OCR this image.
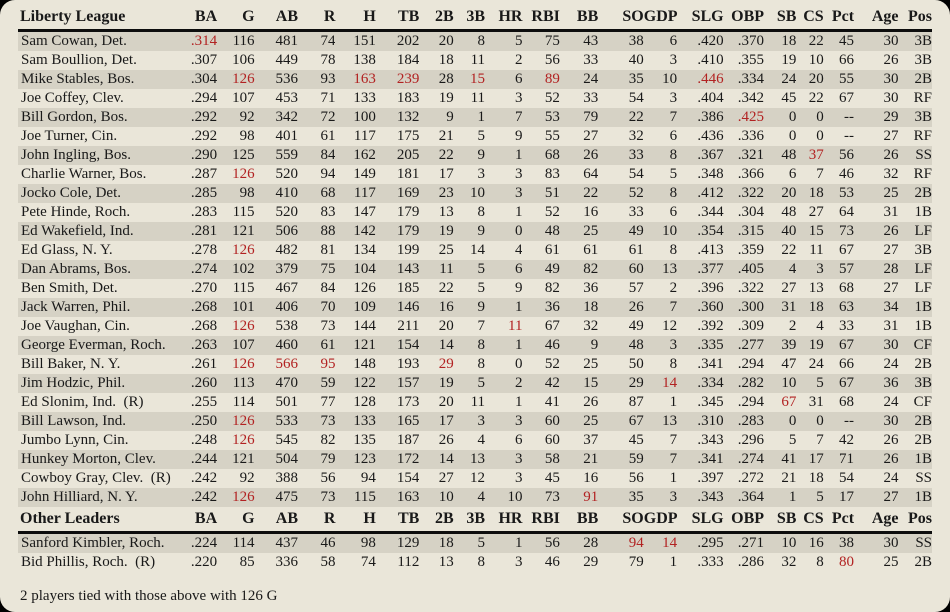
Liberty League	BA	G	AB	R	H	TB	2B	3B	HR	RBI	BB	SO	GDP	SLG	OBP	SB	CS	Pct	Age	Pos
Sam Cowan, Det.	.314	116	481	74	151	202	20	8	5	75	43	38	6	.420	.370	18	22	45	30	3B
Sam Boullion, Det.	.307	106	449	78	138	184	18	11	2	56	33	40	3	.410	.355	19	10	66	26	3B
Mike Stables, Bos.	.304	126	536	93	163	239	28	15	6	89	24	35	10	.446	.334	24	20	55	30	2B
Joe Coffey, Clev.	.294	107	453	71	133	183	19	11	3	52	33	54	3	.404	.342	45	22	67	30	RF
Bill Gordon, Bos.	.292	92	342	72	100	132	9	1	7	53	79	22	7	.386	.425	0	0	--	29	3B
Joe Turner, Cin.	.292	98	401	61	117	175	21	5	9	55	27	32	6	.436	.336	0	0	--	27	RF
John Ingling, Bos.	.290	125	559	84	162	205	22	9	1	68	26	33	8	.367	.321	48	37	56	26	SS
Charlie Warner, Bos.	.287	126	520	94	149	181	17	3	3	83	64	54	5	.348	.366	6	7	46	32	RF
Jocko Cole, Det.	.285	98	410	68	117	169	23	10	3	51	22	52	8	.412	.322	20	18	53	25	2B
Pete Hinde, Roch.	.283	115	520	83	147	179	13	8	1	52	16	33	6	.344	.304	48	27	64	31	1B
Ed Wakefield, Ind.	.281	121	506	88	142	179	19	9	0	48	25	49	10	.354	.315	40	15	73	26	LF
Ed Glass, N. Y.	.278	126	482	81	134	199	25	14	4	61	61	61	8	.413	.359	22	11	67	27	3B
Dan Abrams, Bos.	.274	102	379	75	104	143	11	5	6	49	82	60	13	.377	.405	4	3	57	28	LF
Ben Smith, Det.	.270	115	467	84	126	185	22	5	9	82	36	57	2	.396	.322	27	13	68	27	LF
Jack Warren, Phil.	.268	101	406	70	109	146	16	9	1	36	18	26	7	.360	.300	31	18	63	34	1B
Joe Vaughan, Cin.	.268	126	538	73	144	211	20	7	11	67	32	49	12	.392	.309	2	4	33	31	1B
George Everman, Roch.	.263	107	460	61	121	154	14	8	1	46	9	48	3	.335	.277	39	19	67	30	CF
Bill Baker, N. Y.	.261	126	566	95	148	193	29	8	0	52	25	50	8	.341	.294	47	24	66	24	2B
Jim Hodzic, Phil.	.260	113	470	59	122	157	19	5	2	42	15	29	14	.334	.282	10	5	67	36	3B
Ed Slonim, Ind.  (R)	.255	114	501	77	128	173	20	11	1	41	26	87	1	.345	.294	67	31	68	24	CF
Bill Lawson, Ind.	.250	126	533	73	133	165	17	3	3	60	25	67	13	.310	.283	0	0	--	30	2B
Jumbo Lynn, Cin.	.248	126	545	82	135	187	26	4	6	60	37	45	7	.343	.296	5	7	42	26	2B
Hunkey Morton, Clev.	.244	121	504	79	123	172	14	13	3	58	21	59	7	.341	.274	41	17	71	26	1B
Cowboy Gray, Clev.  (R)	.242	92	388	56	94	154	27	12	3	45	16	56	1	.397	.272	21	18	54	24	SS
John Hilliard, N. Y.	.242	126	475	73	115	163	10	4	10	73	91	35	3	.343	.364	1	5	17	27	1B
Other Leaders	BA	G	AB	R	H	TB	2B	3B	HR	RBI	BB	SO	GDP	SLG	OBP	SB	CS	Pct	Age	Pos
Sanford Kimbler, Roch.	.224	114	437	46	98	129	18	5	1	56	28	94	14	.295	.271	10	16	38	30	SS
Bid Phillis, Roch.  (R)	.220	85	336	58	74	112	13	8	3	46	29	79	1	.333	.286	32	8	80	25	2B
2 players tied with those above with 126 G
